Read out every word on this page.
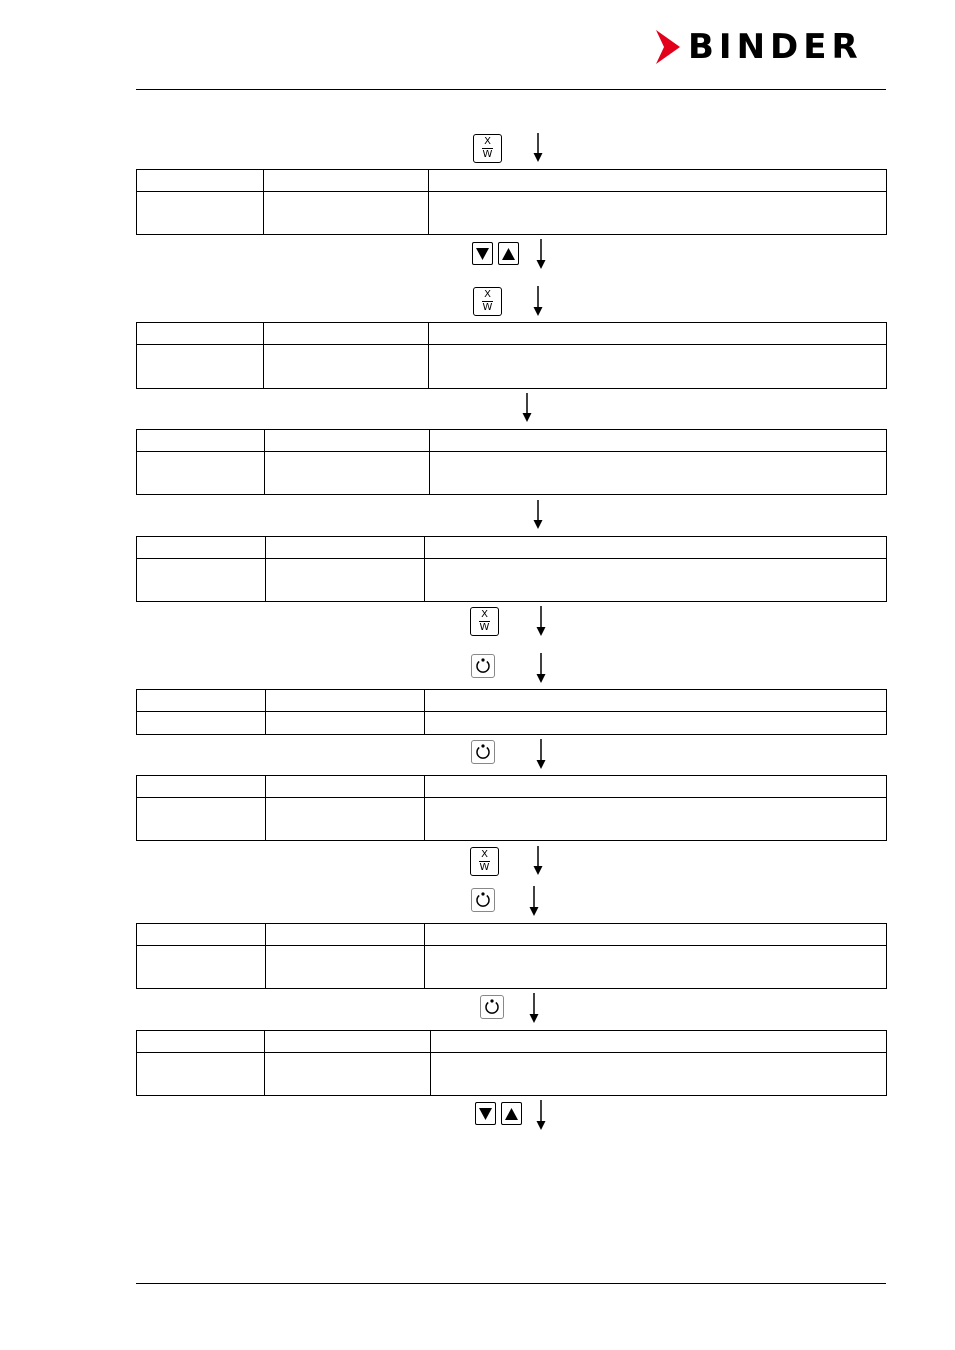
BINDER
X
W
X
W
X
W
X
W
